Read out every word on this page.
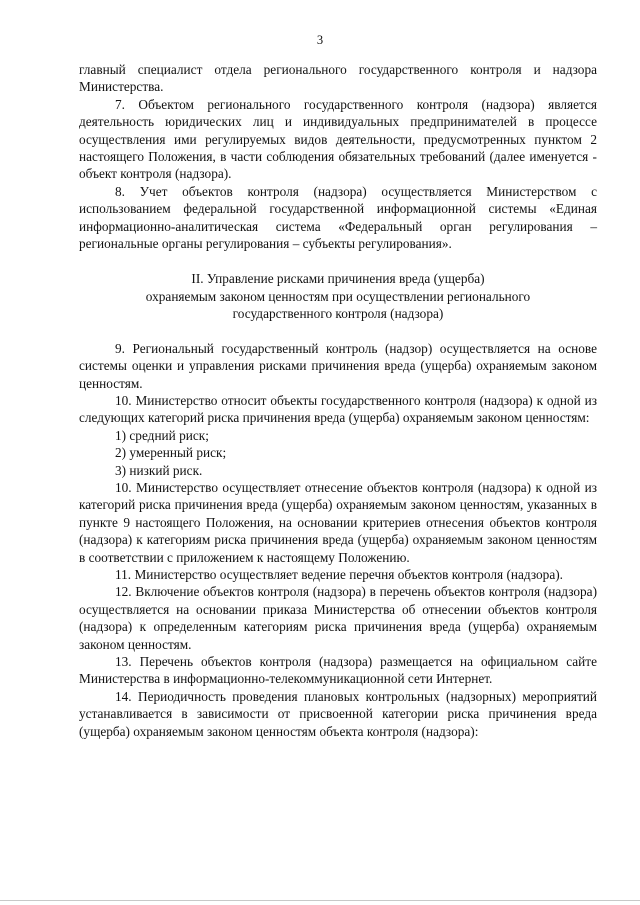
3

главный специалист отдела регионального государственного контроля и надзора Министерства.

7. Объектом регионального государственного контроля (надзора) является деятельность юридических лиц и индивидуальных предпринимателей в процессе осуществления ими регулируемых видов деятельности, предусмотренных пунктом 2 настоящего Положения, в части соблюдения обязательных требований (далее именуется - объект контроля (надзора).

8. Учет объектов контроля (надзора) осуществляется Министерством с использованием федеральной государственной информационной системы «Единая информационно-аналитическая система «Федеральный орган регулирования – региональные органы регулирования – субъекты регулирования».

II. Управление рисками причинения вреда (ущерба)
охраняемым законом ценностям при осуществлении регионального
государственного контроля (надзора)

9. Региональный государственный контроль (надзор) осуществляется на основе системы оценки и управления рисками причинения вреда (ущерба) охраняемым законом ценностям.

10. Министерство относит объекты государственного контроля (надзора) к одной из следующих категорий риска причинения вреда (ущерба) охраняемым законом ценностям:

1) средний риск;

2) умеренный риск;

3) низкий риск.

10. Министерство осуществляет отнесение объектов контроля (надзора) к одной из категорий риска причинения вреда (ущерба) охраняемым законом ценностям, указанных в пункте 9 настоящего Положения, на основании критериев отнесения объектов контроля (надзора) к категориям риска причинения вреда (ущерба) охраняемым законом ценностям в соответствии с приложением к настоящему Положению.

11. Министерство осуществляет ведение перечня объектов контроля (надзора).

12. Включение объектов контроля (надзора) в перечень объектов контроля (надзора) осуществляется на основании приказа Министерства об отнесении объектов контроля (надзора) к определенным категориям риска причинения вреда (ущерба) охраняемым законом ценностям.

13. Перечень объектов контроля (надзора) размещается на официальном сайте Министерства в информационно-телекоммуникационной сети Интернет.

14. Периодичность проведения плановых контрольных (надзорных) мероприятий устанавливается в зависимости от присвоенной категории риска причинения вреда (ущерба) охраняемым законом ценностям объекта контроля (надзора):
